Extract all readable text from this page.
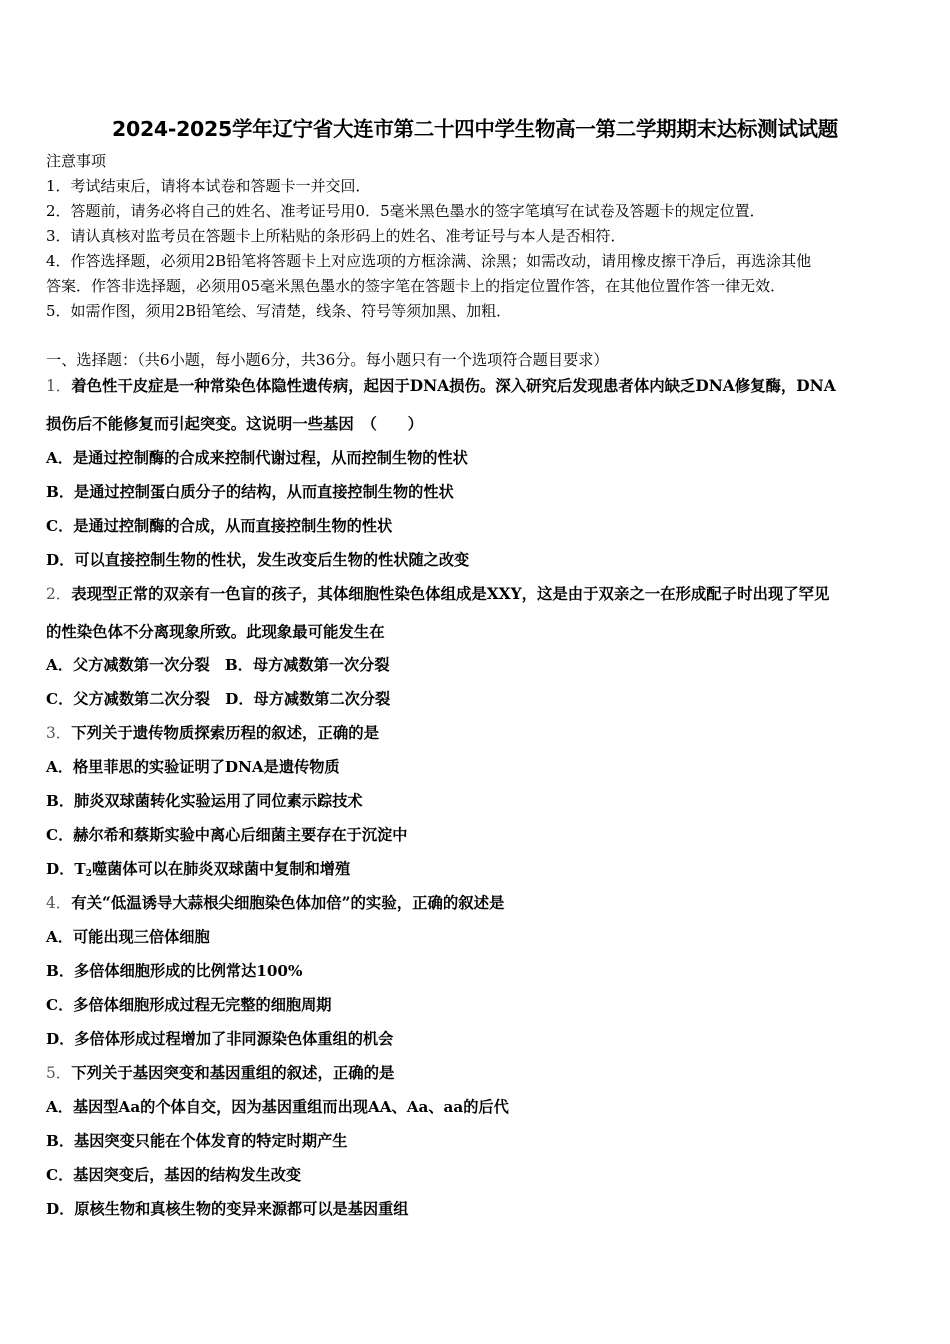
2024-2025学年辽宁省大连市第二十四中学生物高一第二学期期末达标测试试题
注意事项
1．考试结束后，请将本试卷和答题卡一并交回．
2．答题前，请务必将自己的姓名、准考证号用0．5毫米黑色墨水的签字笔填写在试卷及答题卡的规定位置．
3．请认真核对监考员在答题卡上所粘贴的条形码上的姓名、准考证号与本人是否相符．
4．作答选择题，必须用2B铅笔将答题卡上对应选项的方框涂满、涂黑；如需改动，请用橡皮擦干净后，再选涂其他
答案．作答非选择题，必须用05毫米黑色墨水的签字笔在答题卡上的指定位置作答，在其他位置作答一律无效．
5．如需作图，须用2B铅笔绘、写清楚，线条、符号等须加黑、加粗．
一、选择题：（共6小题，每小题6分，共36分。每小题只有一个选项符合题目要求）
1．着色性干皮症是一种常染色体隐性遗传病，起因于DNA损伤。深入研究后发现患者体内缺乏DNA修复酶，DNA
损伤后不能修复而引起突变。这说明一些基因　（　　）
A．是通过控制酶的合成来控制代谢过程，从而控制生物的性状
B．是通过控制蛋白质分子的结构，从而直接控制生物的性状
C．是通过控制酶的合成，从而直接控制生物的性状
D．可以直接控制生物的性状，发生改变后生物的性状随之改变
2．表现型正常的双亲有一色盲的孩子，其体细胞性染色体组成是XXY，这是由于双亲之一在形成配子时出现了罕见
的性染色体不分离现象所致。此现象最可能发生在
A．父方减数第一次分裂　B．母方减数第一次分裂
C．父方减数第二次分裂　D．母方减数第二次分裂
3．下列关于遗传物质探索历程的叙述，正确的是
A．格里菲思的实验证明了DNA是遗传物质
B．肺炎双球菌转化实验运用了同位素示踪技术
C．赫尔希和蔡斯实验中离心后细菌主要存在于沉淀中
D．$T_2$噬菌体可以在肺炎双球菌中复制和增殖
4．有关“低温诱导大蒜根尖细胞染色体加倍”的实验，正确的叙述是
A．可能出现三倍体细胞
B．多倍体细胞形成的比例常达100%
C．多倍体细胞形成过程无完整的细胞周期
D．多倍体形成过程增加了非同源染色体重组的机会
5．下列关于基因突变和基因重组的叙述，正确的是
A．基因型Aa的个体自交，因为基因重组而出现AA、Aa、aa的后代
B．基因突变只能在个体发育的特定时期产生
C．基因突变后，基因的结构发生改变
D．原核生物和真核生物的变异来源都可以是基因重组
